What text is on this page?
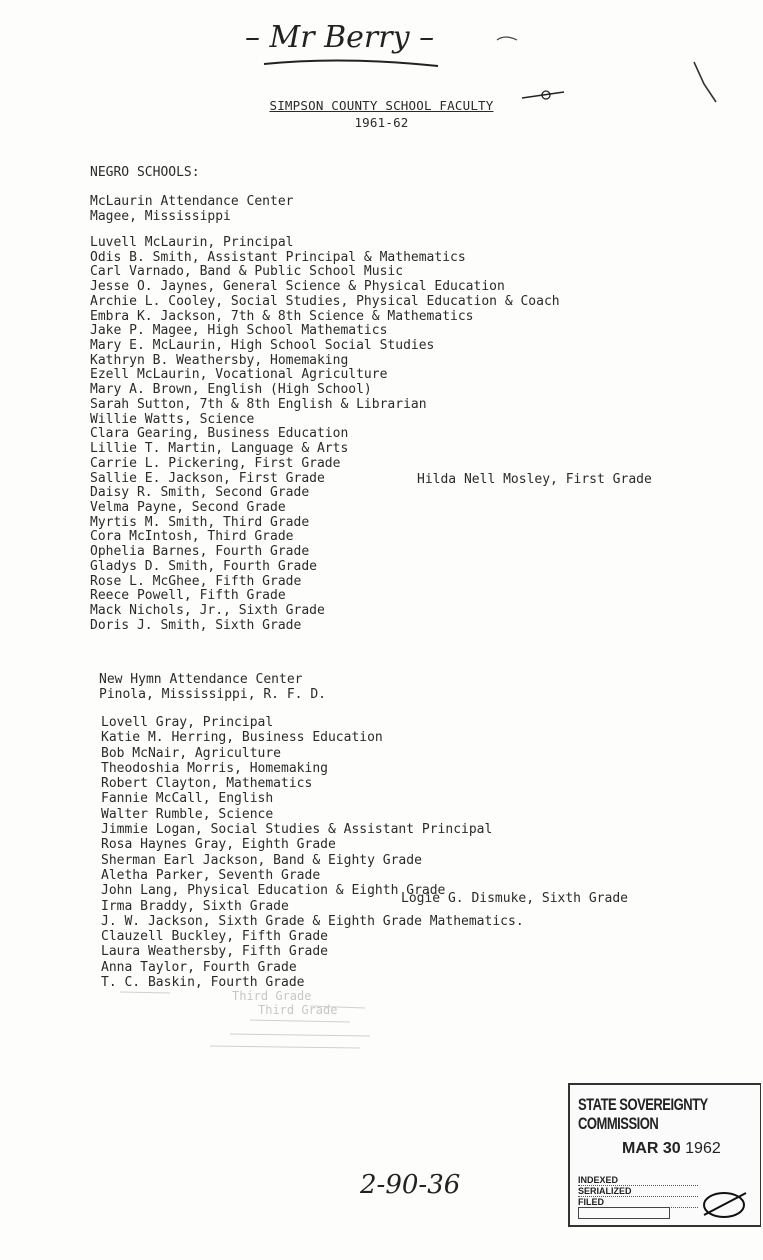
– Mr Berry –
SIMPSON COUNTY SCHOOL FACULTY
1961-62
NEGRO SCHOOLS:
McLaurin Attendance Center
Magee, Mississippi
Luvell McLaurin, Principal
Odis B. Smith, Assistant Principal & Mathematics
Carl Varnado, Band & Public School Music
Jesse O. Jaynes, General Science & Physical Education
Archie L. Cooley, Social Studies, Physical Education & Coach
Embra K. Jackson, 7th & 8th Science & Mathematics
Jake P. Magee, High School Mathematics
Mary E. McLaurin, High School Social Studies
Kathryn B. Weathersby, Homemaking
Ezell McLaurin, Vocational Agriculture
Mary A. Brown, English (High School)
Sarah Sutton, 7th & 8th English & Librarian
Willie Watts, Science
Clara Gearing, Business Education
Lillie T. Martin, Language & Arts
Carrie L. Pickering, First Grade
Sallie E. Jackson, First Grade
Daisy R. Smith, Second Grade
Velma Payne, Second Grade
Myrtis M. Smith, Third Grade
Cora McIntosh, Third Grade
Ophelia Barnes, Fourth Grade
Gladys D. Smith, Fourth Grade
Rose L. McGhee, Fifth Grade
Reece Powell, Fifth Grade
Mack Nichols, Jr., Sixth Grade
Doris J. Smith, Sixth Grade
Hilda Nell Mosley, First Grade
New Hymn Attendance Center
Pinola, Mississippi, R. F. D.
Lovell Gray, Principal
Katie M. Herring, Business Education
Bob McNair, Agriculture
Theodoshia Morris, Homemaking
Robert Clayton, Mathematics
Fannie McCall, English
Walter Rumble, Science
Jimmie Logan, Social Studies & Assistant Principal
Rosa Haynes Gray, Eighth Grade
Sherman Earl Jackson, Band & Eighty Grade
Aletha Parker, Seventh Grade
John Lang, Physical Education & Eighth Grade
Irma Braddy, Sixth Grade
J. W. Jackson, Sixth Grade & Eighth Grade Mathematics.
Clauzell Buckley, Fifth Grade
Laura Weathersby, Fifth Grade
Anna Taylor, Fourth Grade
T. C. Baskin, Fourth Grade
Logie G. Dismuke, Sixth Grade
Third Grade
Third Grade
2-90-36
STATE SOVEREIGNTY COMMISSION
MAR 30 1962
INDEXED
SERIALIZED
FILED
